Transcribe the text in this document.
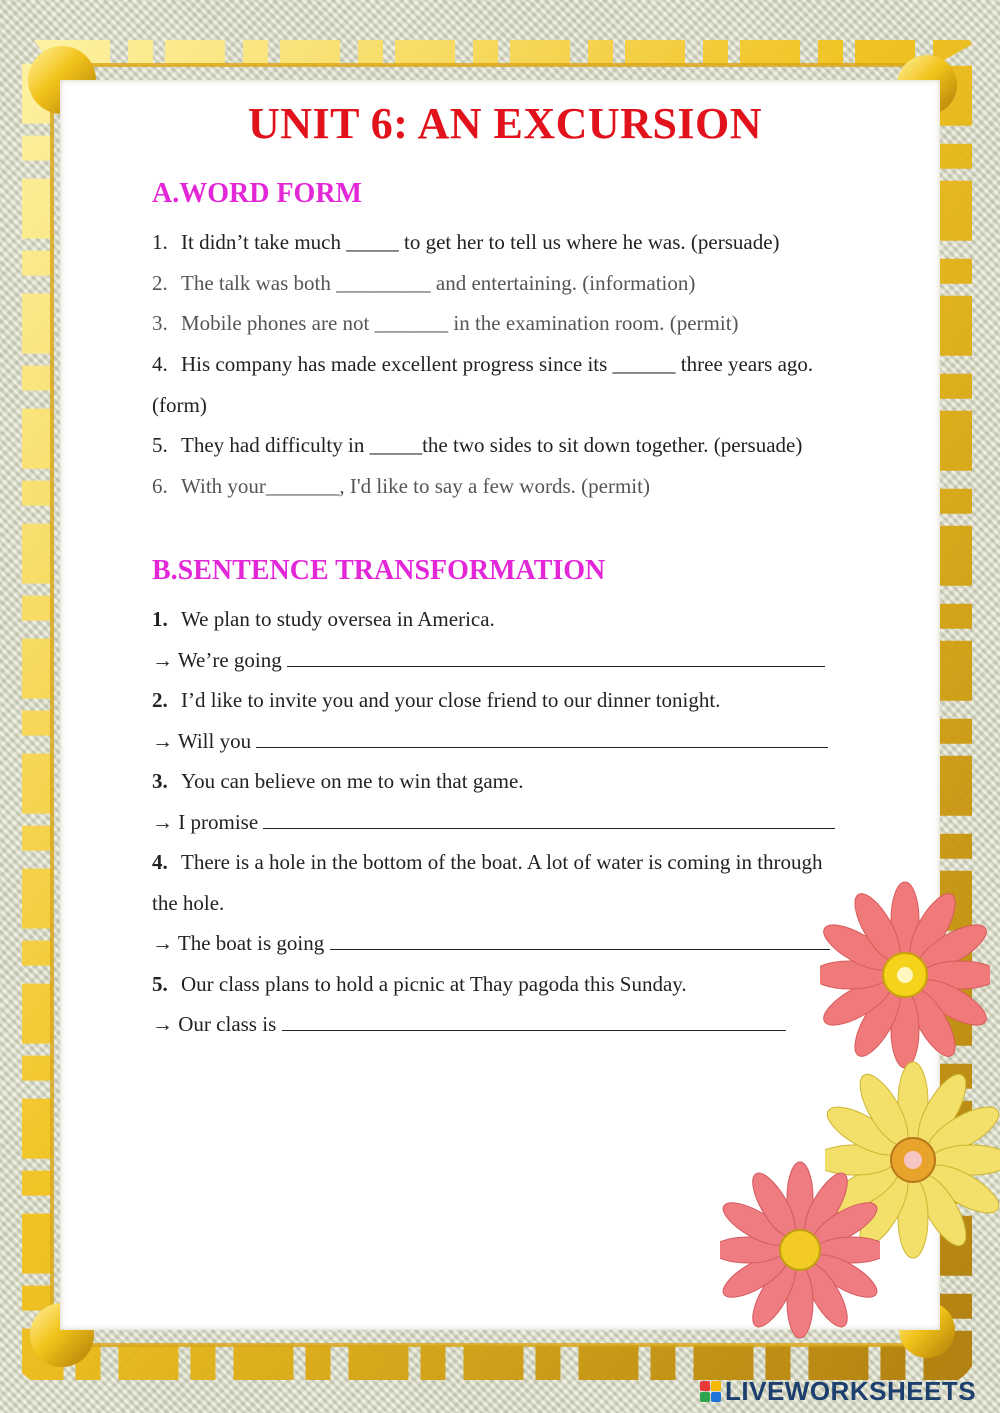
UNIT 6: AN EXCURSION
A.WORD FORM
1. It didn’t take much _____ to get her to tell us where he was. (persuade)
2. The talk was both _________ and entertaining. (information)
3. Mobile phones are not _______ in the examination room. (permit)
4. His company has made excellent progress since its ______ three years ago.
(form)
5. They had difficulty in _____the two sides to sit down together. (persuade)
6. With your_______, I'd like to say a few words. (permit)
B.SENTENCE TRANSFORMATION
1. We plan to study oversea in America.
→ We’re going
2. I’d like to invite you and your close friend to our dinner tonight.
→ Will you
3. You can believe on me to win that game.
→ I promise
4. There is a hole in the bottom of the boat. A lot of water is coming in through
the hole.
→ The boat is going
5. Our class plans to hold a picnic at Thay pagoda this Sunday.
→ Our class is
LIVEWORKSHEETS
